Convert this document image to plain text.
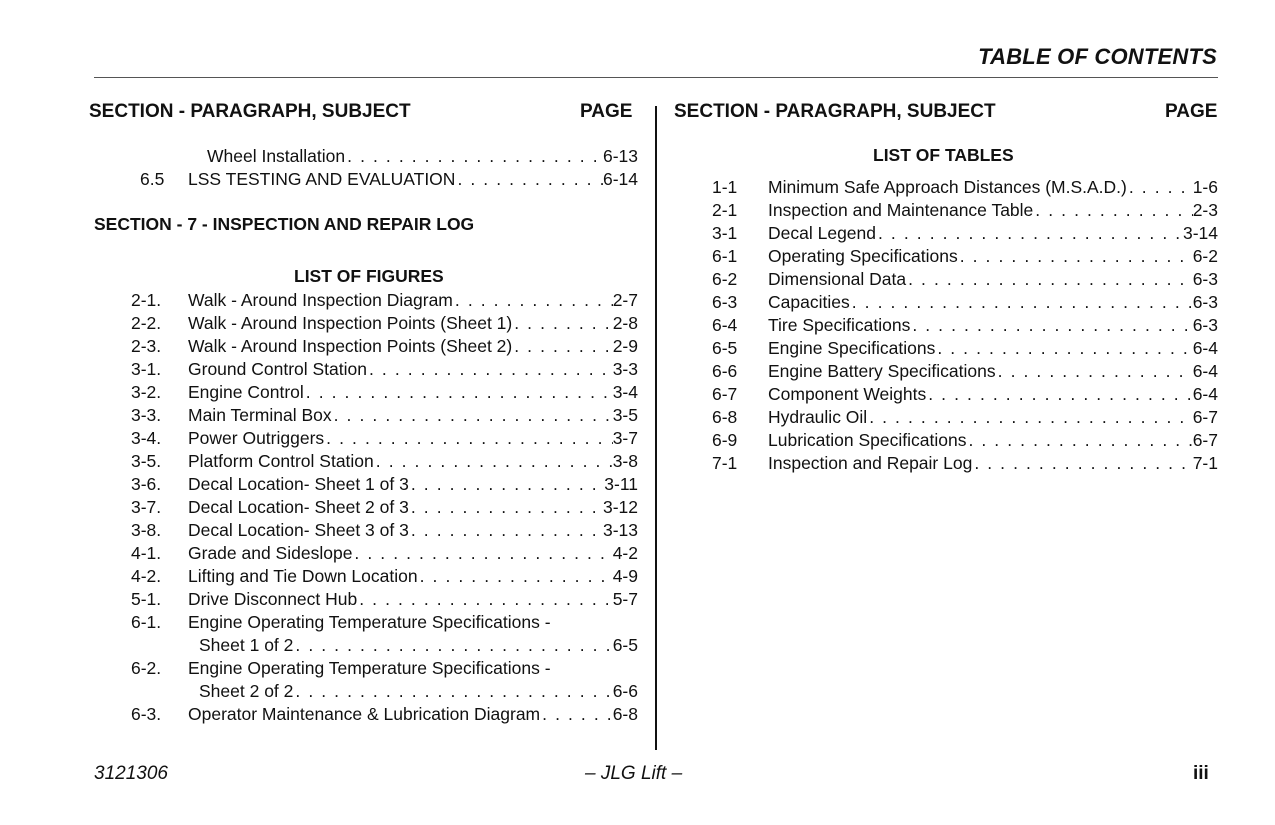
TABLE OF CONTENTS
SECTION - PARAGRAPH, SUBJECT	PAGE SECTION - PARAGRAPH, SUBJECT	PAGE
Wheel Installation . . .	6-13
6.5	LSS TESTING AND EVALUATION . . .	6-14
SECTION - 7 - INSPECTION AND REPAIR LOG
LIST OF FIGURES
2-1.	Walk - Around Inspection Diagram . . .	2-7
2-2.	Walk - Around Inspection Points (Sheet 1) . . .	2-8
2-3.	Walk - Around Inspection Points (Sheet 2) . . .	2-9
3-1.	Ground Control Station . . .	3-3
3-2.	Engine Control . . .	3-4
3-3.	Main Terminal Box . . .	3-5
3-4.	Power Outriggers . . .	3-7
3-5.	Platform Control Station . . .	3-8
3-6.	Decal Location- Sheet 1 of 3 . . .	3-11
3-7.	Decal Location- Sheet 2 of 3 . . .	3-12
3-8.	Decal Location- Sheet 3 of 3 . . .	3-13
4-1.	Grade and Sideslope . . .	4-2
4-2.	Lifting and Tie Down Location . . .	4-9
5-1.	Drive Disconnect Hub . . .	5-7
6-1.	Engine Operating Temperature Specifications -
Sheet 1 of 2 . . .	6-5
6-2.	Engine Operating Temperature Specifications -
Sheet 2 of 2 . . .	6-6
6-3.	Operator Maintenance & Lubrication Diagram . . .	6-8
LIST OF TABLES
1-1	Minimum Safe Approach Distances (M.S.A.D.) . . .	1-6
2-1	Inspection and Maintenance Table . . .	2-3
3-1	Decal Legend . . .	3-14
6-1	Operating Specifications . . .	6-2
6-2	Dimensional Data . . .	6-3
6-3	Capacities . . .	6-3
6-4	Tire Specifications . . .	6-3
6-5	Engine Specifications . . .	6-4
6-6	Engine Battery Specifications . . .	6-4
6-7	Component Weights . . .	6-4
6-8	Hydraulic Oil . . .	6-7
6-9	Lubrication Specifications . . .	6-7
7-1	Inspection and Repair Log . . .	7-1
3121306	– JLG Lift –	iii
